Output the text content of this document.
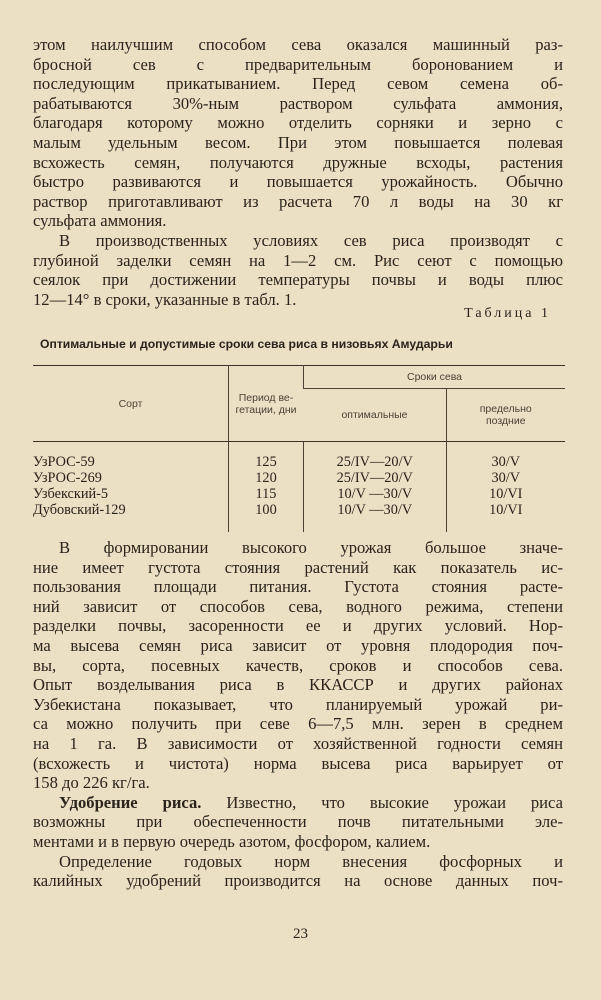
этом наилучшим способом сева оказался машинный раз-
бросной сев с предварительным боронованием и
последующим прикатыванием. Перед севом семена об-
рабатываются 30%-ным раствором сульфата аммония,
благодаря которому можно отделить сорняки и зерно с
малым удельным весом. При этом повышается полевая
всхожесть семян, получаются дружные всходы, растения
быстро развиваются и повышается урожайность. Обычно
раствор приготавливают из расчета 70 л воды на 30 кг
сульфата аммония.
В производственных условиях сев риса производят с
глубиной заделки семян на 1—2 см. Рис сеют с помощью
сеялок при достижении температуры почвы и воды плюс
12—14° в сроки, указанные в табл. 1.
Таблица 1
Оптимальные и допустимые сроки сева риса в низовьях Амударьи
Сорт	Период ве-гетации, дни	Сроки сева	
		оптимальные	предельно поздние

УзРОС-59	125	25/IV—20/V	30/V
УзРОС-269	120	25/IV—20/V	30/V
Узбекский-5	115	10/V —30/V	10/VI
Дубовский-129	100	10/V —30/V	10/VI

В формировании высокого урожая большое значе-
ние имеет густота стояния растений как показатель ис-
пользования площади питания. Густота стояния расте-
ний зависит от способов сева, водного режима, степени
разделки почвы, засоренности ее и других условий. Нор-
ма высева семян риса зависит от уровня плодородия поч-
вы, сорта, посевных качеств, сроков и способов сева.
Опыт возделывания риса в ККАССР и других районах
Узбекистана показывает, что планируемый урожай ри-
са можно получить при севе 6—7,5 млн. зерен в среднем
на 1 га. В зависимости от хозяйственной годности семян
(всхожесть и чистота) норма высева риса варьирует от
158 до 226 кг/га.
Удобрение риса. Известно, что высокие урожаи риса
возможны при обеспеченности почв питательными эле-
ментами и в первую очередь азотом, фосфором, калием.
Определение годовых норм внесения фосфорных и
калийных удобрений производится на основе данных поч-
23
